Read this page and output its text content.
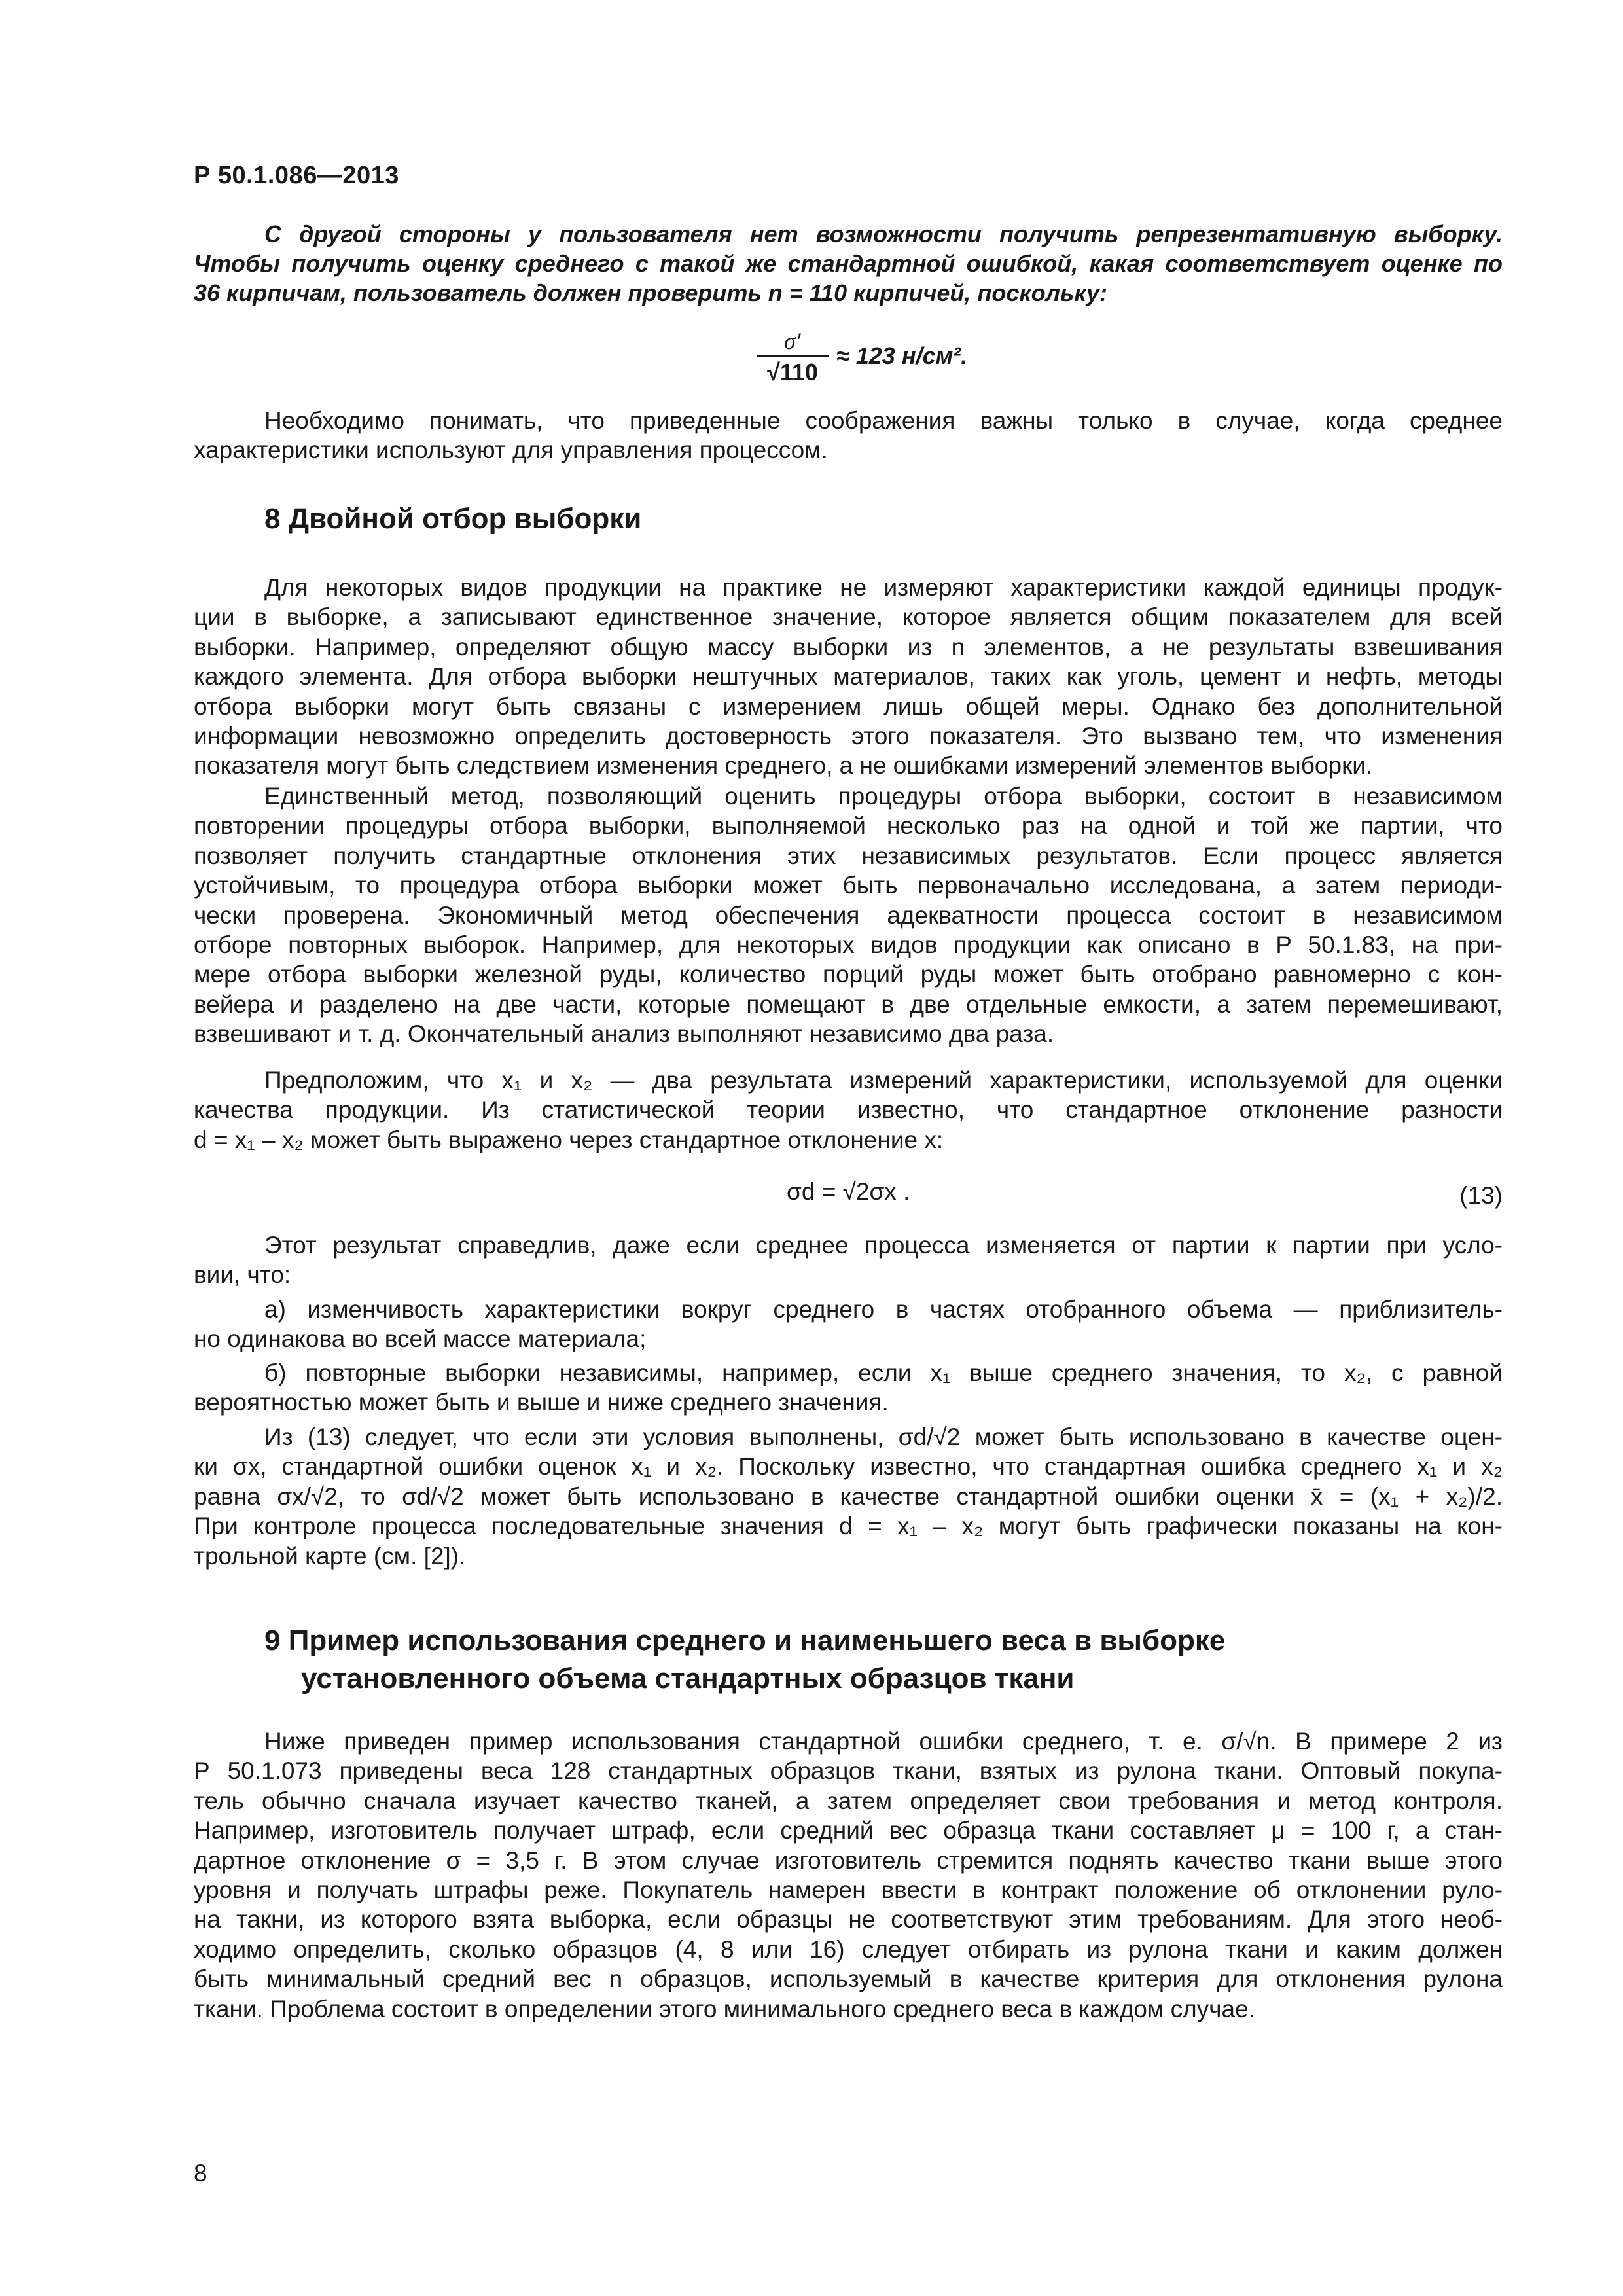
Р 50.1.086—2013
С другой стороны у пользователя нет возможности получить репрезентативную выборку.
Чтобы получить оценку среднего с такой же стандартной ошибкой, какая соответствует оценке по
36 кирпичам, пользователь должен проверить n = 110 кирпичей, поскольку:
σ′
√110
≈ 123 н/см².
Необходимо понимать, что приведенные соображения важны только в случае, когда среднее
характеристики используют для управления процессом.
8 Двойной отбор выборки
Для некоторых видов продукции на практике не измеряют характеристики каждой единицы продук-
ции в выборке, а записывают единственное значение, которое является общим показателем для всей
выборки. Например, определяют общую массу выборки из n элементов, а не результаты взвешивания
каждого элемента. Для отбора выборки нештучных материалов, таких как уголь, цемент и нефть, методы
отбора выборки могут быть связаны с измерением лишь общей меры. Однако без дополнительной
информации невозможно определить достоверность этого показателя. Это вызвано тем, что изменения
показателя могут быть следствием изменения среднего, а не ошибками измерений элементов выборки.
Единственный метод, позволяющий оценить процедуры отбора выборки, состоит в независимом
повторении процедуры отбора выборки, выполняемой несколько раз на одной и той же партии, что
позволяет получить стандартные отклонения этих независимых результатов. Если процесс является
устойчивым, то процедура отбора выборки может быть первоначально исследована, а затем периоди-
чески проверена. Экономичный метод обеспечения адекватности процесса состоит в независимом
отборе повторных выборок. Например, для некоторых видов продукции как описано в Р 50.1.83, на при-
мере отбора выборки железной руды, количество порций руды может быть отобрано равномерно с кон-
вейера и разделено на две части, которые помещают в две отдельные емкости, а затем перемешивают,
взвешивают и т. д. Окончательный анализ выполняют независимо два раза.
Предположим, что x₁ и x₂ — два результата измерений характеристики, используемой для оценки
качества продукции. Из статистической теории известно, что стандартное отклонение разности
d = x₁ – x₂ может быть выражено через стандартное отклонение x:
σd = √2σx .	(13)
Этот результат справедлив, даже если среднее процесса изменяется от партии к партии при усло-
вии, что:
а) изменчивость характеристики вокруг среднего в частях отобранного объема — приблизитель-
но одинакова во всей массе материала;
б) повторные выборки независимы, например, если x₁ выше среднего значения, то x₂, с равной
вероятностью может быть и выше и ниже среднего значения.
Из (13) следует, что если эти условия выполнены, σd/√2 может быть использовано в качестве оцен-
ки σx, стандартной ошибки оценок x₁ и x₂. Поскольку известно, что стандартная ошибка среднего x₁ и x₂
равна σx/√2, то σd/√2 может быть использовано в качестве стандартной ошибки оценки x̄ = (x₁ + x₂)/2.
При контроле процесса последовательные значения d = x₁ – x₂ могут быть графически показаны на кон-
трольной карте (см. [2]).
9 Пример использования среднего и наименьшего веса в выборке
установленного объема стандартных образцов ткани
Ниже приведен пример использования стандартной ошибки среднего, т. е. σ/√n. В примере 2 из
Р 50.1.073 приведены веса 128 стандартных образцов ткани, взятых из рулона ткани. Оптовый покупа-
тель обычно сначала изучает качество тканей, а затем определяет свои требования и метод контроля.
Например, изготовитель получает штраф, если средний вес образца ткани составляет μ = 100 г, а стан-
дартное отклонение σ = 3,5 г. В этом случае изготовитель стремится поднять качество ткани выше этого
уровня и получать штрафы реже. Покупатель намерен ввести в контракт положение об отклонении руло-
на такни, из которого взята выборка, если образцы не соответствуют этим требованиям. Для этого необ-
ходимо определить, сколько образцов (4, 8 или 16) следует отбирать из рулона ткани и каким должен
быть минимальный средний вес n образцов, используемый в качестве критерия для отклонения рулона
ткани. Проблема состоит в определении этого минимального среднего веса в каждом случае.
8
